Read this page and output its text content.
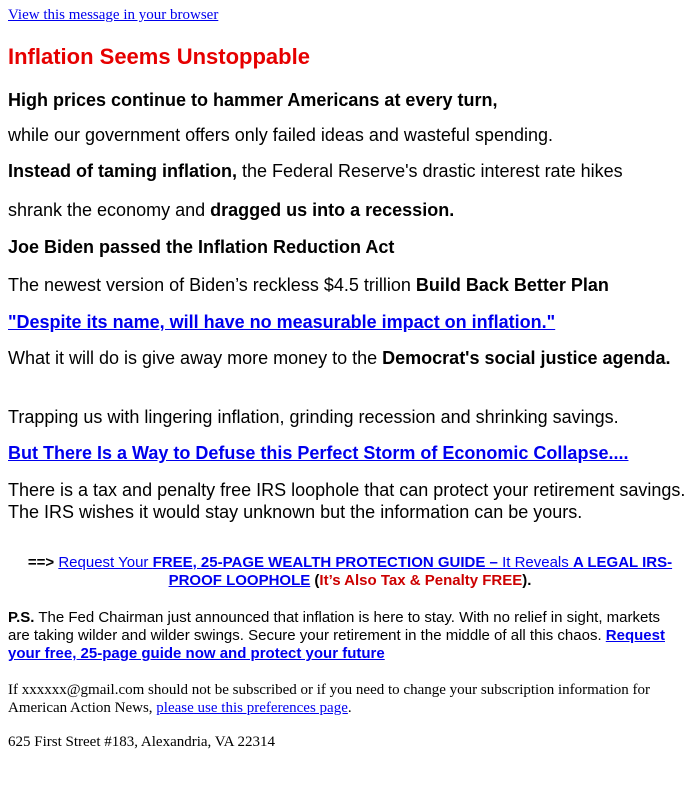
View this message in your browser

Inflation Seems Unstoppable

High prices continue to hammer Americans at every turn,

while our government offers only failed ideas and wasteful spending.

Instead of taming inflation, the Federal Reserve's drastic interest rate hikes

shrank the economy and dragged us into a recession.

Joe Biden passed the Inflation Reduction Act

The newest version of Biden’s reckless $4.5 trillion Build Back Better Plan

"Despite its name, will have no measurable impact on inflation."

What it will do is give away more money to the Democrat's social justice agenda.

Trapping us with lingering inflation, grinding recession and shrinking savings.

But There Is a Way to Defuse this Perfect Storm of Economic Collapse....

There is a tax and penalty free IRS loophole that can protect your retirement savings. The IRS wishes it would stay unknown but the information can be yours.

==> Request Your FREE, 25-PAGE WEALTH PROTECTION GUIDE – It Reveals A LEGAL IRS-PROOF LOOPHOLE (It’s Also Tax & Penalty FREE).

P.S. The Fed Chairman just announced that inflation is here to stay. With no relief in sight, markets are taking wilder and wilder swings. Secure your retirement in the middle of all this chaos. Request your free, 25-page guide now and protect your future

If xxxxxx@gmail.com should not be subscribed or if you need to change your subscription information for American Action News, please use this preferences page.

625 First Street #183, Alexandria, VA 22314
